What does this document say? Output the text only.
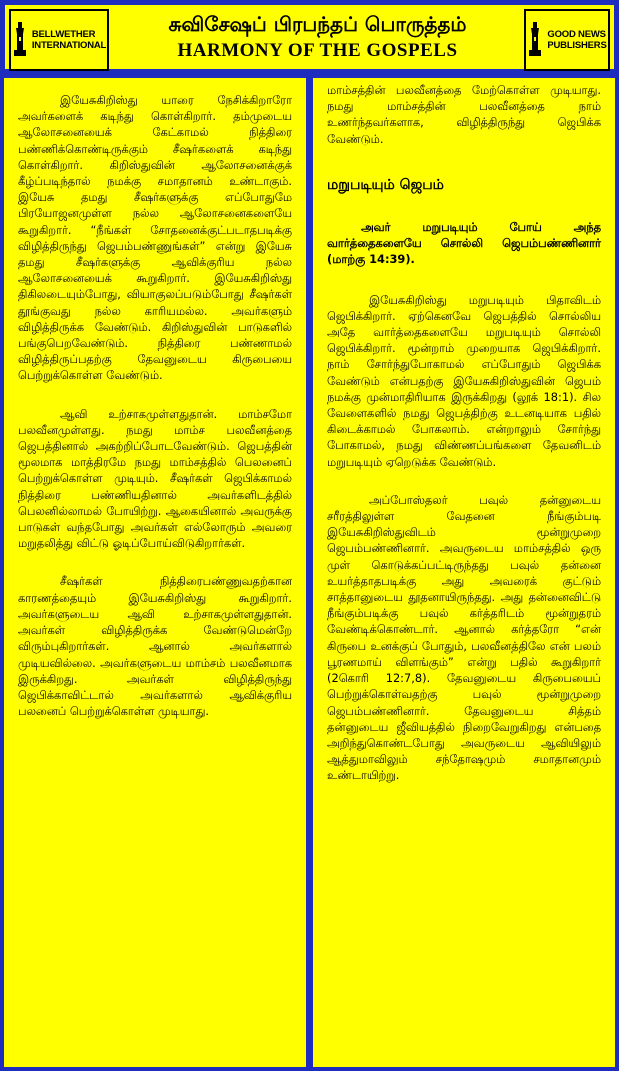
BELLWETHER
INTERNATIONAL
சுவிசேஷப் பிரபந்தப் பொருத்தம்
HARMONY OF THE GOSPELS
GOOD NEWS
PUBLISHERS

இயேசுகிறிஸ்து யாரை நேசிக்கிறாரோ அவர்களைக் கடிந்து கொள்கிறார். தம்முடைய ஆலோசனையைக் கேட்காமல் நித்திரை பண்ணிக்கொண்டிருக்கும் சீஷர்களைக் கடிந்து கொள்கிறார். கிறிஸ்துவின் ஆலோசனைக்குக் கீழ்ப்படிந்தால் நமக்கு சமாதானம் உண்டாகும். இயேசு தமது சீஷர்களுக்கு எப்போதுமே பிரயோஜனமுள்ள நல்ல ஆலோசனைகளையே கூறுகிறார். “நீங்கள் சோதனைக்குட்படாதபடிக்கு விழித்திருந்து ஜெபம்பண்ணுங்கள்” என்று இயேசு தமது சீஷர்களுக்கு ஆவிக்குரிய நல்ல ஆலோசனையைக் கூறுகிறார். இயேசுகிறிஸ்து திகிலடையும்போது, வியாகுலப்படும்போது சீஷர்கள் தூங்குவது நல்ல காரியமல்ல. அவர்களும் விழித்திருக்க வேண்டும். கிறிஸ்துவின் பாடுகளில் பங்குபெறவேண்டும். நித்திரை பண்ணாமல் விழித்திருப்பதற்கு தேவனுடைய கிருபையை பெற்றுக்கொள்ள வேண்டும்.

ஆவி உற்சாகமுள்ளதுதான். மாம்சமோ பலவீனமுள்ளது. நமது மாம்ச பலவீனத்தை ஜெபத்தினால் அகற்றிப்போடவேண்டும். ஜெபத்தின் மூலமாக மாத்திரமே நமது மாம்சத்தில் பெலனைப் பெற்றுக்கொள்ள முடியும். சீஷர்கள் ஜெபிக்காமல் நித்திரை பண்ணியதினால் அவர்களிடத்தில் பெலனில்லாமல் போயிற்று. ஆகையினால் அவருக்கு பாடுகள் வந்தபோது அவர்கள் எல்லோரும் அவரை மறுதலித்து விட்டு ஓடிப்போய்விடுகிறார்கள்.

சீஷர்கள் நித்திரைபண்ணுவதற்கான காரணத்தையும் இயேசுகிறிஸ்து கூறுகிறார். அவர்களுடைய ஆவி உற்சாகமுள்ளதுதான். அவர்கள் விழித்திருக்க வேண்டுமென்றே விரும்புகிறார்கள். ஆனால் அவர்களால் முடியவில்லை. அவர்களுடைய மாம்சம் பலவீனமாக இருக்கிறது. அவர்கள் விழித்திருந்து ஜெபிக்காவிட்டால் அவர்களால் ஆவிக்குரிய பலனைப் பெற்றுக்கொள்ள முடியாது.

மாம்சத்தின் பலவீனத்தை மேற்கொள்ள முடியாது. நமது மாம்சத்தின் பலவீனத்தை நாம் உணர்ந்தவர்களாக, விழித்திருந்து ஜெபிக்க வேண்டும்.

மறுபடியும் ஜெபம்

அவர் மறுபடியும் போய் அந்த வார்த்தைகளையே சொல்லி ஜெபம்பண்ணினார் (மாற்கு 14:39).

இயேசுகிறிஸ்து மறுபடியும் பிதாவிடம் ஜெபிக்கிறார். ஏற்கெனவே ஜெபத்தில் சொல்லிய அதே வார்த்தைகளையே மறுபடியும் சொல்லி ஜெபிக்கிறார். மூன்றாம் முறையாக ஜெபிக்கிறார். நாம் சோர்ந்துபோகாமல் எப்போதும் ஜெபிக்க வேண்டும் என்பதற்கு இயேசுகிறிஸ்துவின் ஜெபம் நமக்கு முன்மாதிரியாக இருக்கிறது (லூக் 18:1). சில வேளைகளில் நமது ஜெபத்திற்கு உடனடியாக பதில் கிடைக்காமல் போகலாம். என்றாலும் சோர்ந்து போகாமல், நமது விண்ணப்பங்களை தேவனிடம் மறுபடியும் ஏறெடுக்க வேண்டும்.

அப்போஸ்தலர் பவுல் தன்னுடைய சரீரத்திலுள்ள வேதனை நீங்கும்படி இயேசுகிறிஸ்துவிடம் மூன்றுமுறை ஜெபம்பண்ணினார். அவருடைய மாம்சத்தில் ஒரு முள் கொடுக்கப்பட்டிருந்தது பவுல் தன்னை உயர்த்தாதபடிக்கு அது அவரைக் குட்டும் சாத்தானுடைய தூதனாயிருந்தது. அது தன்னைவிட்டு நீங்கும்படிக்கு பவுல் கர்த்தரிடம் மூன்றுதரம் வேண்டிக்கொண்டார். ஆனால் கர்த்தரோ “என் கிருபை உனக்குப் போதும், பலவீனத்திலே என் பலம் பூரணமாய் விளங்கும்” என்று பதில் கூறுகிறார் (2கொரி 12:7,8). தேவனுடைய கிருபையைப் பெற்றுக்கொள்வதற்கு பவுல் மூன்றுமுறை ஜெபம்பண்ணினார். தேவனுடைய சித்தம் தன்னுடைய ஜீவியத்தில் நிறைவேறுகிறது என்பதை அறிந்துகொண்டபோது அவருடைய ஆவியிலும் ஆத்துமாவிலும் சந்தோஷமும் சமாதானமும் உண்டாயிற்று.
